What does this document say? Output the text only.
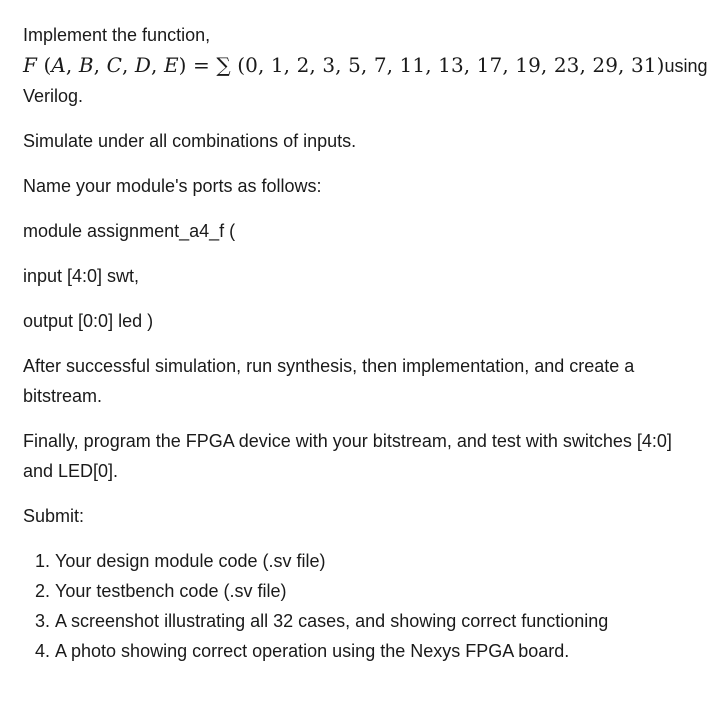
Implement the function,
F (A, B, C, D, E) = ∑ (0, 1, 2, 3, 5, 7, 11, 13, 17, 19, 23, 29, 31)using
Verilog.
Simulate under all combinations of inputs.
Name your module's ports as follows:
module assignment_a4_f (
input [4:0] swt,
output [0:0] led )
After successful simulation, run synthesis, then implementation, and create a bitstream.
Finally, program the FPGA device with your bitstream, and test with switches [4:0] and LED[0].
Submit:
1. Your design module code (.sv file)
2. Your testbench code (.sv file)
3. A screenshot illustrating all 32 cases, and showing correct functioning
4. A photo showing correct operation using the Nexys FPGA board.
